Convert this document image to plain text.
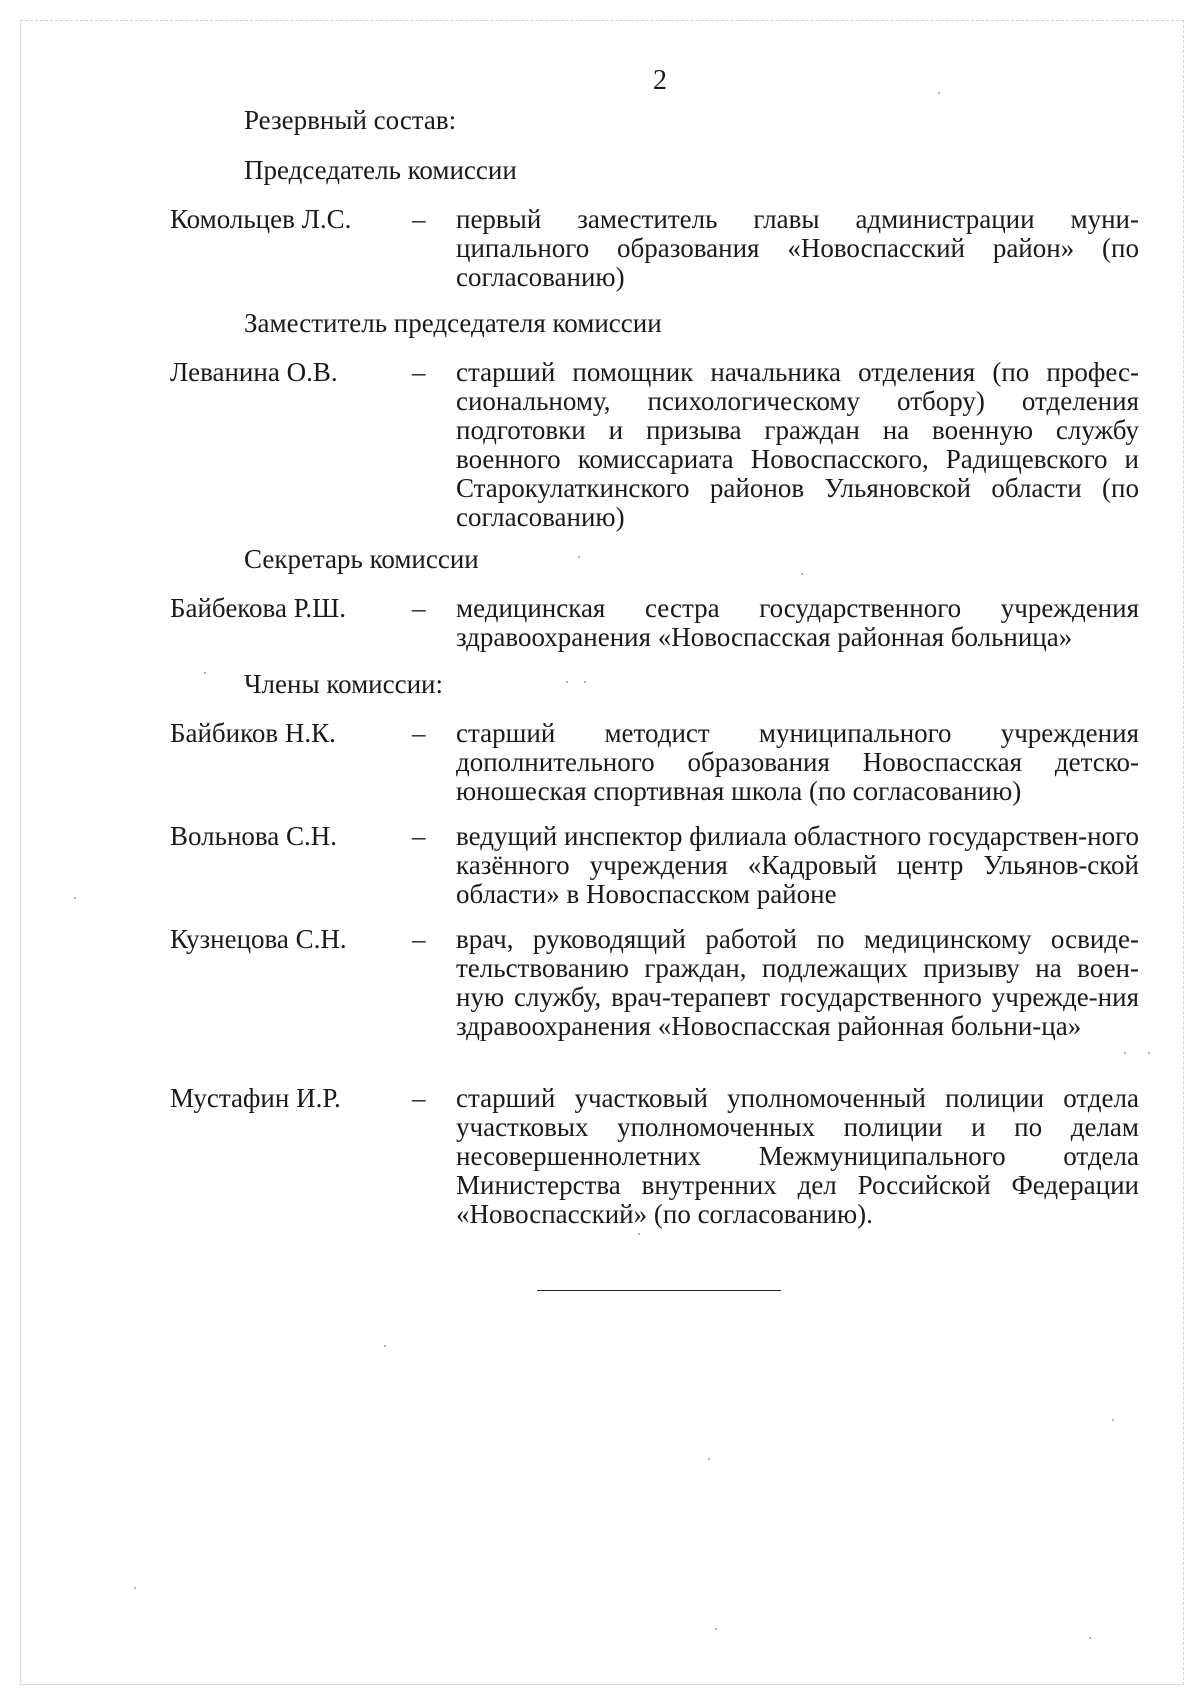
2
Резервный состав:
Председатель комиссии
Комольцев Л.С. – первый заместитель главы администрации муни-ципального образования «Новоспасский район» (по согласованию)
Заместитель председателя комиссии
Леванина О.В.	– старший помощник начальника отделения (по профес-сиональному, психологическому отбору) отделения подготовки и призыва граждан на военную службу военного комиссариата Новоспасского, Радищевского и Старокулаткинского районов Ульяновской области (по согласованию)
Секретарь комиссии
Байбекова Р.Ш. – медицинская сестра государственного учреждения здравоохранения «Новоспасская районная больница»
Члены комиссии:
Байбиков Н.К.	– старший методист муниципального учреждения дополнительного образования Новоспасская детско-юношеская спортивная школа (по согласованию)
Вольнова С.Н.	– ведущий инспектор филиала областного государствен-ного казённого учреждения «Кадровый центр Ульянов-ской области» в Новоспасском районе
Кузнецова С.Н. – врач, руководящий работой по медицинскому освиде-тельствованию граждан, подлежащих призыву на воен-ную службу, врач-терапевт государственного учрежде-ния здравоохранения «Новоспасская районная больни-ца»
Мустафин И.Р.	– старший участковый уполномоченный полиции отдела участковых уполномоченных полиции и по делам несовершеннолетних Межмуниципального отдела Министерства внутренних дел Российской Федерации «Новоспасский» (по согласованию).
